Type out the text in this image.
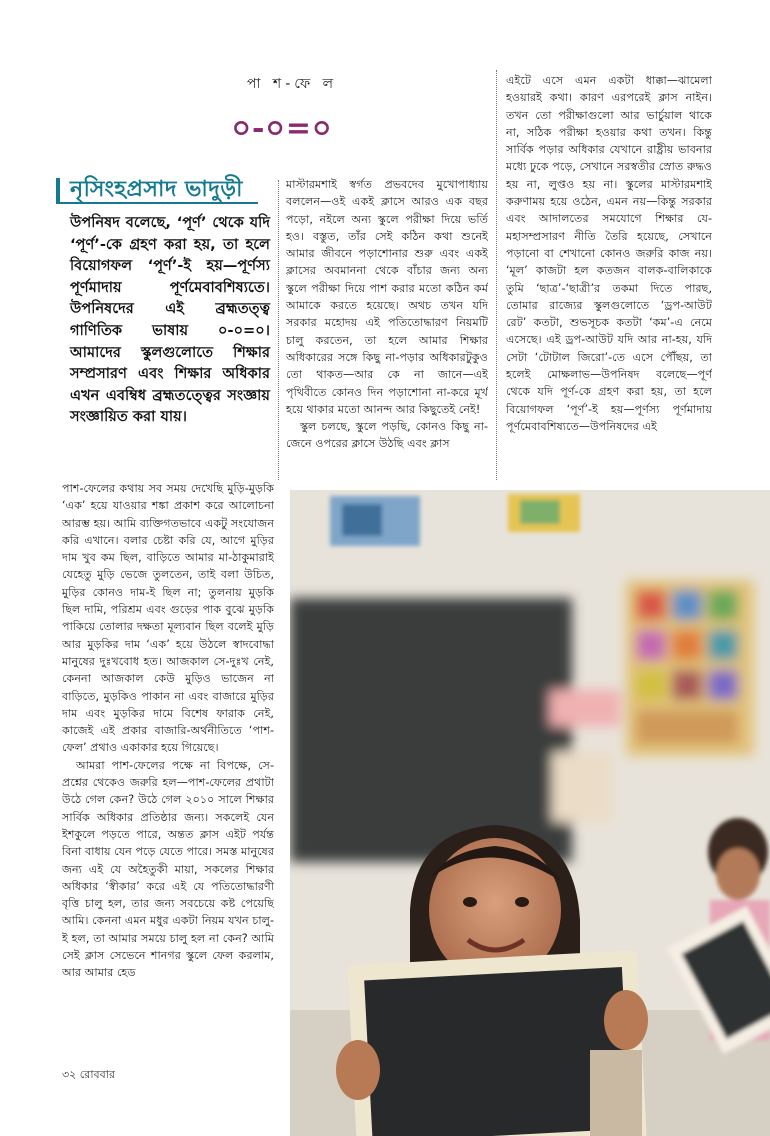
পা শ-ফে ল
০-০=০

এইটে এসে এমন একটা ধাক্কা—ঝামেলা হওয়ারই কথা। কারণ এরপরেই ক্লাস নাইন। তখন তো পরীক্ষাগুলো আর ভার্চুয়াল থাকে না, সঠিক পরীক্ষা হওয়ার কথা তখন। কিন্তু সার্বিক পড়ার অধিকার যেখানে রাষ্ট্রীয় ভাবনার মধ্যে ঢুকে পড়ে, সেখানে সরস্বতীর স্রোত রুদ্ধও হয় না, লুপ্তও হয় না। স্কুলের মাস্টারমশাই করুণাময় হয়ে ওঠেন, এমন নয়—কিন্তু সরকার এবং আদালতের সমযোগে শিক্ষার যে-মহাসম্প্রসারণ নীতি তৈরি হয়েছে, সেখানে পড়ানো বা শেখানো কোনও জরুরি কাজ নয়। ‘মূল’ কাজটা হল কতজন বালক-বালিকাকে তুমি ‘ছাত্র’-‘ছাত্রী’র তকমা দিতে পারছ, তোমার রাজ্যের স্কুলগুলোতে ‘ড্রপ-আউট রেট’ কতটা, শুভসূচক কতটা ‘কম’-এ নেমে এসেছে। এই ড্রপ-আউট যদি আর না-হয়, যদি সেটা ‘টোটাল জিরো’-তে এসে পৌঁছয়, তা হলেই মোক্ষলাভ—উপনিষদ বলেছে—পূর্ণ থেকে যদি পূর্ণ-কে গ্রহণ করা হয়, তা হলে বিয়োগফল ‘পূর্ণ’-ই হয়—পূর্ণস্য পূর্ণমাদায় পূর্ণমেবাবশিষ্যতে—উপনিষদের এই

নৃসিংহপ্রসাদ ভাদুড়ী
উপনিষদ বলেছে, ‘পূর্ণ’ থেকে যদি ‘পূর্ণ’-কে গ্রহণ করা হয়, তা হলে বিয়োগফল ‘পূর্ণ’-ই হয়—পূর্ণস্য পূর্ণমাদায় পূর্ণমেবাবশিষ্যতে। উপনিষদের এই ব্রহ্মতত্ত্ব গাণিতিক ভাষায় ০-০=০। আমাদের স্কুলগুলোতে শিক্ষার সম্প্রসারণ এবং শিক্ষার অধিকার এখন এবম্বিধ ব্রহ্মতত্ত্বের সংজ্ঞায় সংজ্ঞায়িত করা যায়।

মাস্টারমশাই স্বর্গত প্রভবদেব মুখোপাধ্যায় বললেন—ওই একই ক্লাসে আরও এক বছর পড়ো, নইলে অন্য স্কুলে পরীক্ষা দিয়ে ভর্তি হও। বস্তুত, তাঁর সেই কঠিন কথা শুনেই আমার জীবনে পড়াশোনার শুরু এবং একই ক্লাসের অবমাননা থেকে বাঁচার জন্য অন্য স্কুলে পরীক্ষা দিয়ে পাশ করার মতো কঠিন কর্ম আমাকে করতে হয়েছে। অথচ তখন যদি সরকার মহোদয় এই পতিতোদ্ধারণ নিয়মটি চালু করতেন, তা হলে আমার শিক্ষার অধিকারের সঙ্গে কিছু না-পড়ার অধিকারটুকুও তো থাকত—আর কে না জানে—এই পৃথিবীতে কোনও দিন পড়াশোনা না-করে মূর্খ হয়ে থাকার মতো আনন্দ আর কিছুতেই নেই!

স্কুল চলছে, স্কুলে পড়ছি, কোনও কিছু না-জেনে ওপরের ক্লাসে উঠছি এবং ক্লাস

পাশ-ফেলের কথায় সব সময় দেখেছি মুড়ি-মুড়কি ‘এক’ হয়ে যাওয়ার শঙ্কা প্রকাশ করে আলোচনা আরম্ভ হয়। আমি ব্যক্তিগতভাবে একটু সংযোজন করি এখানে। বলার চেষ্টা করি যে, আগে মুড়ির দাম খুব কম ছিল, বাড়িতে আমার মা-ঠাকুমারাই যেহেতু মুড়ি ভেজে তুলতেন, তাই বলা উচিত, মুড়ির কোনও দাম-ই ছিল না; তুলনায় মুড়কি ছিল দামি, পরিশ্রম এবং গুড়ের পাক বুঝে মুড়কি পাকিয়ে তোলার দক্ষতা মূল্যবান ছিল বলেই মুড়ি আর মুড়কির দাম ‘এক’ হয়ে উঠলে স্বাদবোদ্ধা মানুষের দুঃখবোধ হত। আজকাল সে-দুঃখ নেই, কেননা আজকাল কেউ মুড়িও ভাজেন না বাড়িতে, মুড়কিও পাকান না এবং বাজারে মুড়ির দাম এবং মুড়কির দামে বিশেষ ফারাক নেই, কাজেই এই প্রকার বাজারি-অর্থনীতিতে ‘পাশ-ফেল’ প্রথাও একাকার হয়ে গিয়েছে।

আমরা পাশ-ফেলের পক্ষে না বিপক্ষে, সে-প্রশ্নের থেকেও জরুরি হল—পাশ-ফেলের প্রথাটা উঠে গেল কেন? উঠে গেল ২০১০ সালে শিক্ষার সার্বিক অধিকার প্রতিষ্ঠার জন্য। সকলেই যেন ইশকুলে পড়তে পারে, অন্তত ক্লাস এইট পর্যন্ত বিনা বাধায় যেন পড়ে যেতে পারে। সমস্ত মানুষের জন্য এই যে অহৈতুকী মায়া, সকলের শিক্ষার অধিকার ‘স্বীকার’ করে এই যে পতিতোদ্ধারণী বৃত্তি চালু হল, তার জন্য সবচেয়ে কষ্ট পেয়েছি আমি। কেননা এমন মধুর একটা নিয়ম যখন চালু-ই হল, তা আমার সময়ে চালু হল না কেন? আমি সেই ক্লাস সেভেনে শানগর স্কুলে ফেল করলাম, আর আমার হেড

৩২ রোববার
